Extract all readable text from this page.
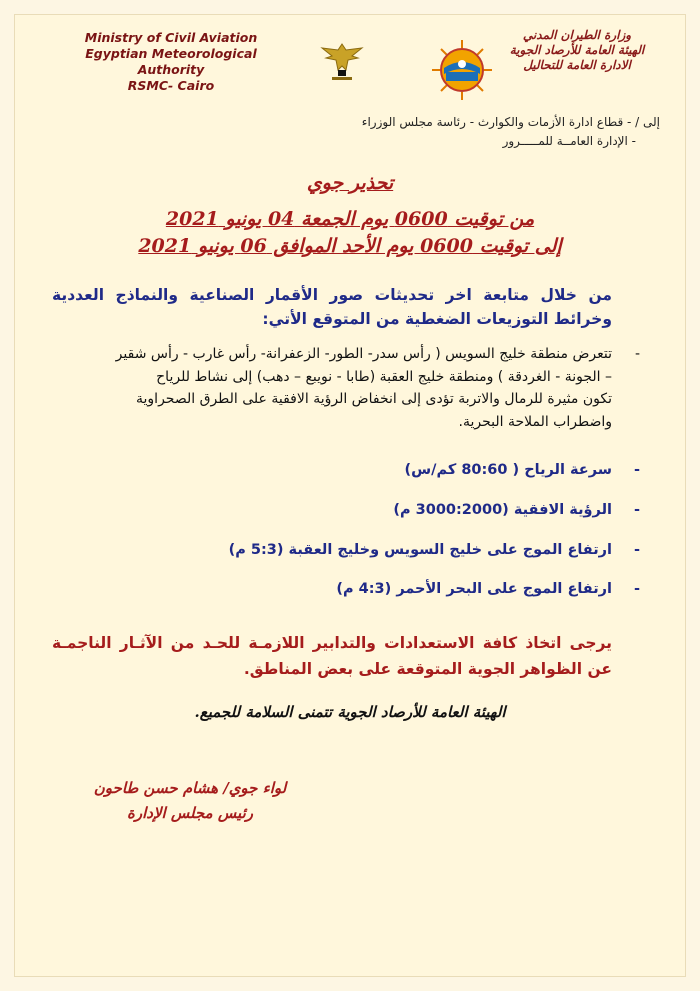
Ministry of Civil Aviation
Egyptian Meteorological Authority
RSMC- Cairo
وزارة الطيران المدني
الهيئة العامة للأرصاد الجوية
الادارة العامة للتحاليل
إلى / - قطاع ادارة الأزمات والكوارث - رئاسة مجلس الوزراء
- الإدارة العامــة للمـــــرور
تحذير جوي
من توقيت 0600 يوم الجمعة 04 يونيو 2021
إلى توقيت 0600 يوم الأحد الموافق 06 يونيو 2021
من خلال متابعة اخر تحديثات صور الأقمار الصناعية والنماذج العددية وخرائط التوزيعات الضغطية من المتوقع الأتي:
-
تتعرض منطقة خليج السويس ( رأس سدر- الطور- الزعفرانة- رأس غارب - رأس شقير
– الجونة - الغردقة ) ومنطقة خليج العقبة (طابا - نويبع – دهب) إلى نشاط للرياح
تكون مثيرة للرمال والاتربة تؤدى إلى انخفاض الرؤية الافقية على الطرق الصحراوية
واضطراب الملاحة البحرية.
-
سرعة الرياح ( 80:60 كم/س)
-
الرؤية الافقية (3000:2000 م)
-
ارتفاع الموج على خليج السويس وخليج العقبة (5:3 م)
-
ارتفاع الموج على البحر الأحمر (4:3 م)
يرجى اتخاذ كافة الاستعدادات والتدابير اللازمـة للحـد من الآثـار الناجمـة عن الظواهر الجوية المتوقعة على بعض المناطق.
الهيئة العامة للأرصاد الجوية تتمنى السلامة للجميع.
لواء جوي/ هشام حسن طاحون
رئيس مجلس الإدارة
